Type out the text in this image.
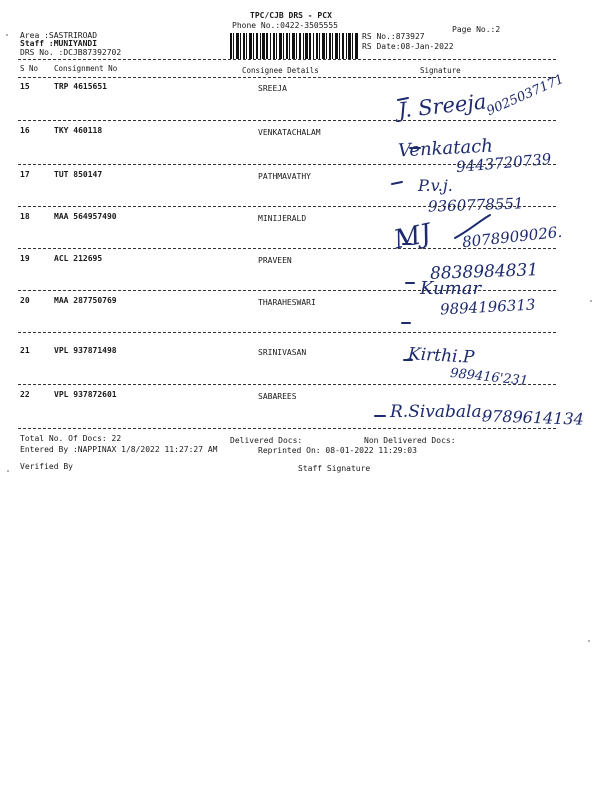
TPC/CJB DRS - PCX
Phone No.:0422-3505555	Page No.:2
Area :SASTRIROAD
Staff :MUNIYANDI
DRS No. :DCJB87392702
RS No.:873927
RS Date:08-Jan-2022
S No Consignment No	Consignee Details	Signature
15	TRP 4615651	SREEJA
J. Sreeja
9025037171
16	TKY 460118	VENKATACHALAM
Venkatach
9443720739
17	TUT 850147	PATHMAVATHY	P.v.j.
9360778551
18	MAA 564957490	MINIJERALD	MJ 8078909026.
19	ACL 212695	PRAVEEN	8838984831
20	MAA 287750769	THARAHESWARI
Kumar
9894196313
21	VPL 937871498	SRINIVASAN	Kirthi.P
989416'231
22	VPL 937872601	SABAREES
R.Sivabala,
9789614134
Total No. Of Docs: 22	Delivered Docs:	Non Delivered Docs:
Entered By :NAPPINAX 1/8/2022 11:27:27 AM	Reprinted On: 08-01-2022 11:29:03
Verified By	Staff Signature
